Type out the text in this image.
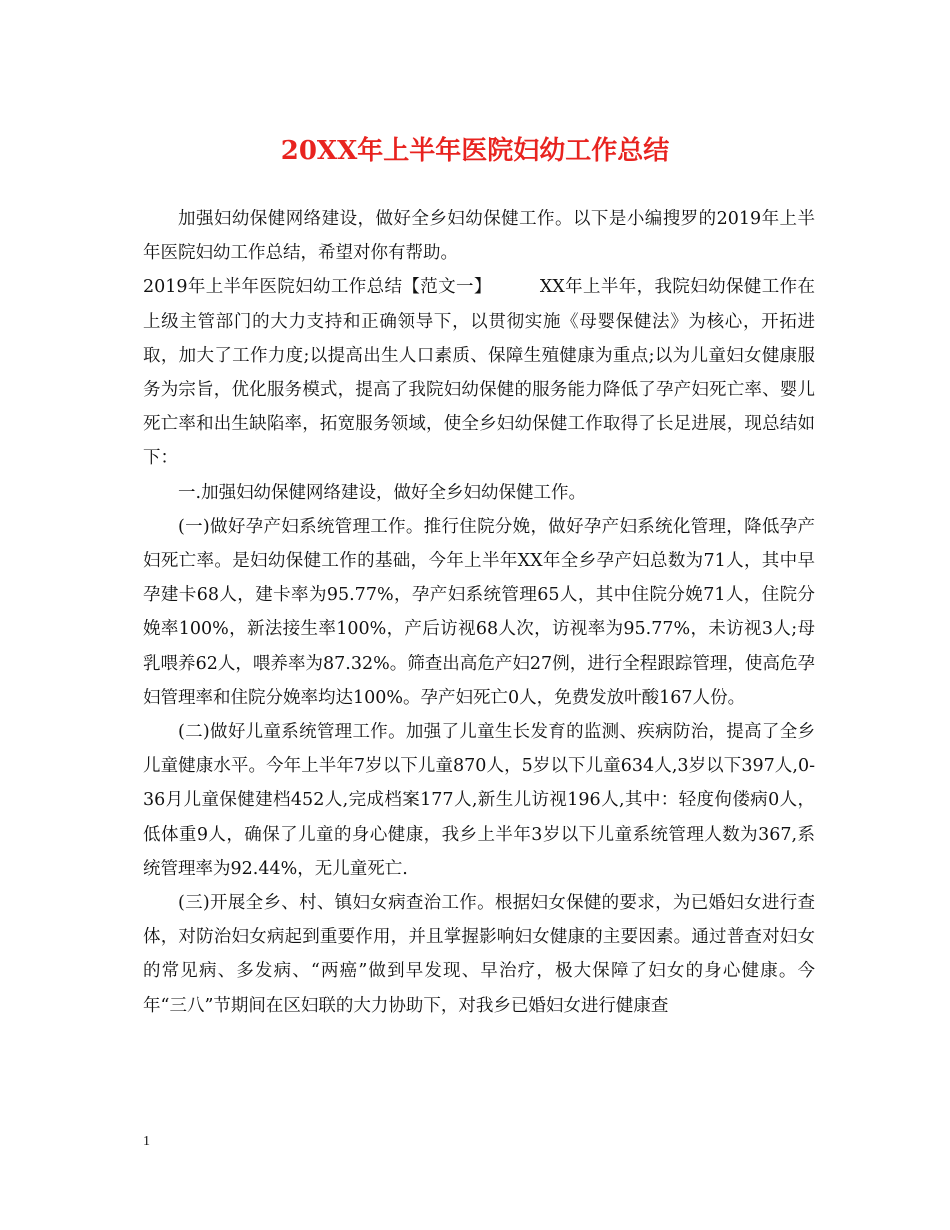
20XX年上半年医院妇幼工作总结

加强妇幼保健网络建设，做好全乡妇幼保健工作。以下是小编搜罗的2019年上半年医院妇幼工作总结，希望对你有帮助。

2019年上半年医院妇幼工作总结【范文一】	XX年上半年，我院妇幼保健工作在上级主管部门的大力支持和正确领导下，以贯彻实施《母婴保健法》为核心，开拓进取，加大了工作力度;以提高出生人口素质、保障生殖健康为重点;以为儿童妇女健康服务为宗旨，优化服务模式，提高了我院妇幼保健的服务能力降低了孕产妇死亡率、婴儿死亡率和出生缺陷率，拓宽服务领域，使全乡妇幼保健工作取得了长足进展，现总结如下：

一.加强妇幼保健网络建设，做好全乡妇幼保健工作。

(一)做好孕产妇系统管理工作。推行住院分娩，做好孕产妇系统化管理，降低孕产妇死亡率。是妇幼保健工作的基础，今年上半年XX年全乡孕产妇总数为71人，其中早孕建卡68人，建卡率为95.77%，孕产妇系统管理65人，其中住院分娩71人，住院分娩率100%，新法接生率100%，产后访视68人次，访视率为95.77%，未访视3人;母乳喂养62人，喂养率为87.32%。筛查出高危产妇27例，进行全程跟踪管理，使高危孕妇管理率和住院分娩率均达100%。孕产妇死亡0人，免费发放叶酸167人份。

(二)做好儿童系统管理工作。加强了儿童生长发育的监测、疾病防治，提高了全乡儿童健康水平。今年上半年7岁以下儿童870人，5岁以下儿童634人,3岁以下397人,0-36月儿童保健建档452人,完成档案177人,新生儿访视196人,其中：轻度佝偻病0人，低体重9人，确保了儿童的身心健康，我乡上半年3岁以下儿童系统管理人数为367,系统管理率为92.44%，无儿童死亡.

(三)开展全乡、村、镇妇女病查治工作。根据妇女保健的要求，为已婚妇女进行查体，对防治妇女病起到重要作用，并且掌握影响妇女健康的主要因素。通过普查对妇女的常见病、多发病、“两癌”做到早发现、早治疗，极大保障了妇女的身心健康。今年“三八”节期间在区妇联的大力协助下，对我乡已婚妇女进行健康查

1
